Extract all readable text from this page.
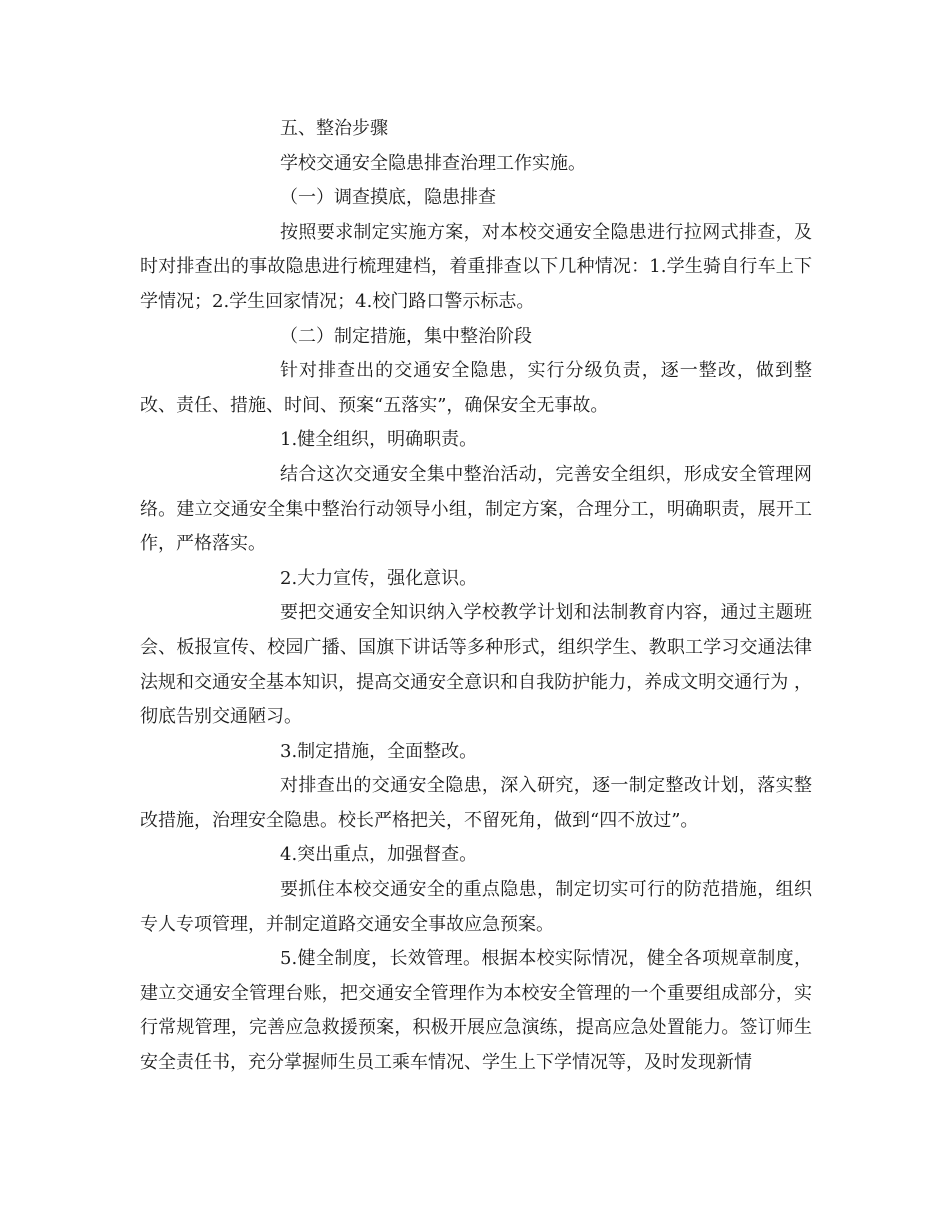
五、整治步骤

学校交通安全隐患排查治理工作实施。

（一）调查摸底，隐患排查

按照要求制定实施方案，对本校交通安全隐患进行拉网式排查，及时对排查出的事故隐患进行梳理建档，着重排查以下几种情况：1.学生骑自行车上下学情况；2.学生回家情况；4.校门路口警示标志。

（二）制定措施，集中整治阶段

针对排查出的交通安全隐患，实行分级负责，逐一整改，做到整改、责任、措施、时间、预案“五落实”，确保安全无事故。

1.健全组织，明确职责。

结合这次交通安全集中整治活动，完善安全组织，形成安全管理网络。建立交通安全集中整治行动领导小组，制定方案，合理分工，明确职责，展开工作，严格落实。

2.大力宣传，强化意识。

要把交通安全知识纳入学校教学计划和法制教育内容，通过主题班会、板报宣传、校园广播、国旗下讲话等多种形式，组织学生、教职工学习交通法律法规和交通安全基本知识，提高交通安全意识和自我防护能力，养成文明交通行为 ，彻底告别交通陋习。

3.制定措施，全面整改。

对排查出的交通安全隐患，深入研究，逐一制定整改计划，落实整改措施，治理安全隐患。校长严格把关，不留死角，做到“四不放过”。

4.突出重点，加强督查。

要抓住本校交通安全的重点隐患，制定切实可行的防范措施，组织专人专项管理，并制定道路交通安全事故应急预案。

5.健全制度，长效管理。根据本校实际情况，健全各项规章制度，建立交通安全管理台账，把交通安全管理作为本校安全管理的一个重要组成部分，实行常规管理，完善应急救援预案，积极开展应急演练，提高应急处置能力。签订师生安全责任书，充分掌握师生员工乘车情况、学生上下学情况等，及时发现新情
